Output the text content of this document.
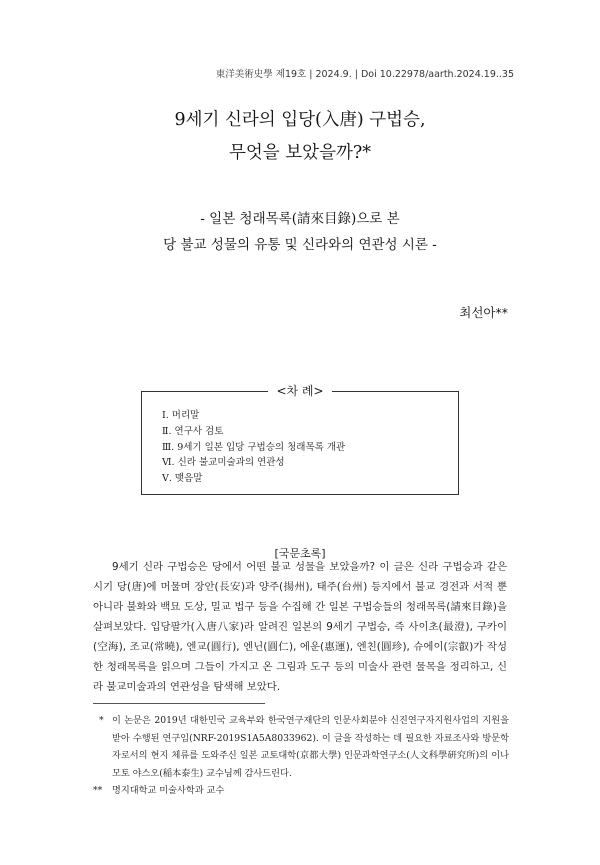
東洋美術史學 제19호 | 2024.9. | Doi 10.22978/aarth.2024.19..35
9세기 신라의 입당(入唐) 구법승,
무엇을 보았을까?*
- 일본 청래목록(請來目錄)으로 본
당 불교 성물의 유통 및 신라와의 연관성 시론 -
최선아**
<차 례>
Ⅰ. 머리말
Ⅱ. 연구사 검토
Ⅲ. 9세기 일본 입당 구법승의 청래목록 개관
Ⅵ. 신라 불교미술과의 연관성
Ⅴ. 맺음말
[국문초록]

9세기 신라 구법승은 당에서 어떤 불교 성물을 보았을까? 이 글은 신라 구법승과 같은 시기 당(唐)에 머물며 장안(長安)과 양주(揚州), 태주(台州) 등지에서 불교 경전과 서적 뿐 아니라 불화와 백묘 도상, 밀교 법구 등을 수집해 간 일본 구법승들의 청래목록(請來目錄)을 살펴보았다. 입당팔가(入唐八家)라 알려진 일본의 9세기 구법승, 즉 사이초(最澄), 구카이(空海), 조교(常曉), 엔교(圓行), 엔닌(圓仁), 에운(惠運), 엔친(圓珍), 슈에이(宗叡)가 작성한 청래목록을 읽으며 그들이 가지고 온 그림과 도구 등의 미술사 관련 물목을 정리하고, 신라 불교미술과의 연관성을 탐색해 보았다.

* 이 논문은 2019년 대한민국 교육부와 한국연구재단의 인문사회분야 신진연구자지원사업의 지원을 받아 수행된 연구임(NRF-2019S1A5A8033962). 이 글을 작성하는 데 필요한 자료조사와 방문학자로서의 현지 체류를 도와주신 일본 교토대학(京都大學) 인문과학연구소(人文科學硏究所)의 이나모토 야스오(稲本泰生) 교수님께 감사드린다.
** 명지대학교 미술사학과 교수
